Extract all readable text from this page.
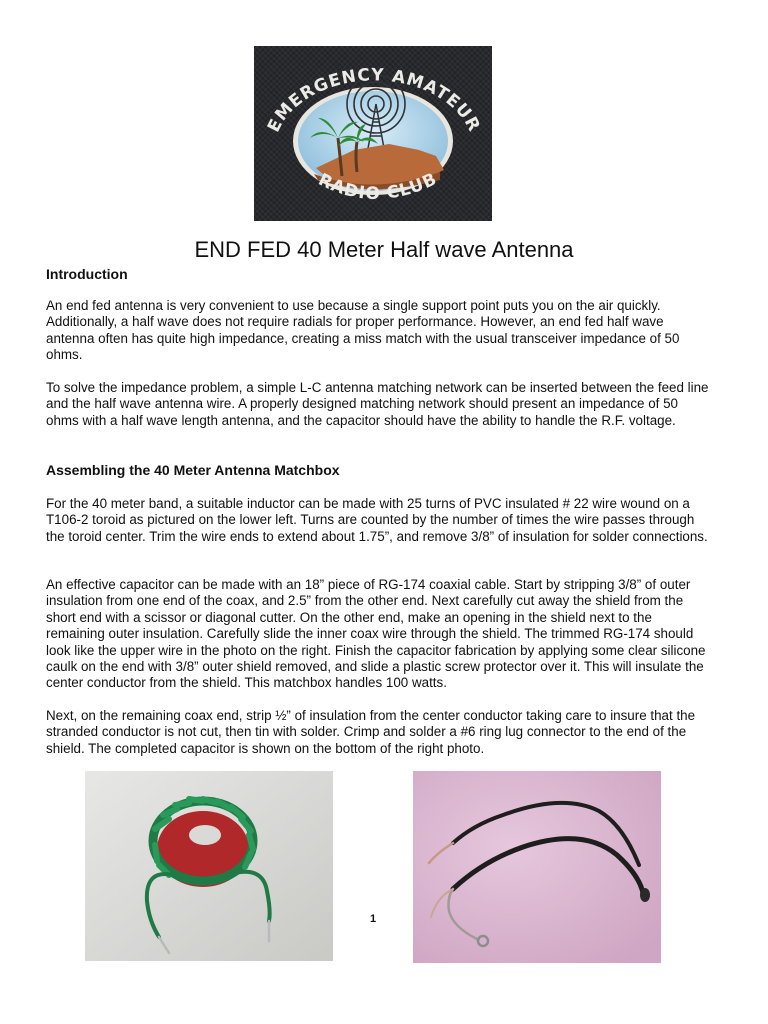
EMERGENCY AMATEUR
RADIO CLUB
END FED 40 Meter Half wave Antenna
Introduction

An end fed antenna is very convenient to use because a single support point puts you on the air quickly. Additionally, a half wave does not require radials for proper performance. However, an end fed half wave antenna often has quite high impedance, creating a miss match with the usual transceiver impedance of 50 ohms.

To solve the impedance problem, a simple L-C antenna matching network can be inserted between the feed line and the half wave antenna wire. A properly designed matching network should present an impedance of 50 ohms with a half wave length antenna, and the capacitor should have the ability to handle the R.F. voltage.

Assembling the 40 Meter Antenna Matchbox

For the 40 meter band, a suitable inductor can be made with 25 turns of PVC insulated # 22 wire wound on a T106-2 toroid as pictured on the lower left. Turns are counted by the number of times the wire passes through the toroid center. Trim the wire ends to extend about 1.75”, and remove 3/8” of insulation for solder connections.

An effective capacitor can be made with an 18” piece of RG-174 coaxial cable. Start by stripping 3/8” of outer insulation from one end of the coax, and 2.5” from the other end. Next carefully cut away the shield from the short end with a scissor or diagonal cutter. On the other end, make an opening in the shield next to the remaining outer insulation. Carefully slide the inner coax wire through the shield. The trimmed RG-174 should look like the upper wire in the photo on the right. Finish the capacitor fabrication by applying some clear silicone caulk on the end with 3/8” outer shield removed, and slide a plastic screw protector over it. This will insulate the center conductor from the shield. This matchbox handles 100 watts.

Next, on the remaining coax end, strip ½” of insulation from the center conductor taking care to insure that the stranded conductor is not cut, then tin with solder. Crimp and solder a #6 ring lug connector to the end of the shield. The completed capacitor is shown on the bottom of the right photo.

1
